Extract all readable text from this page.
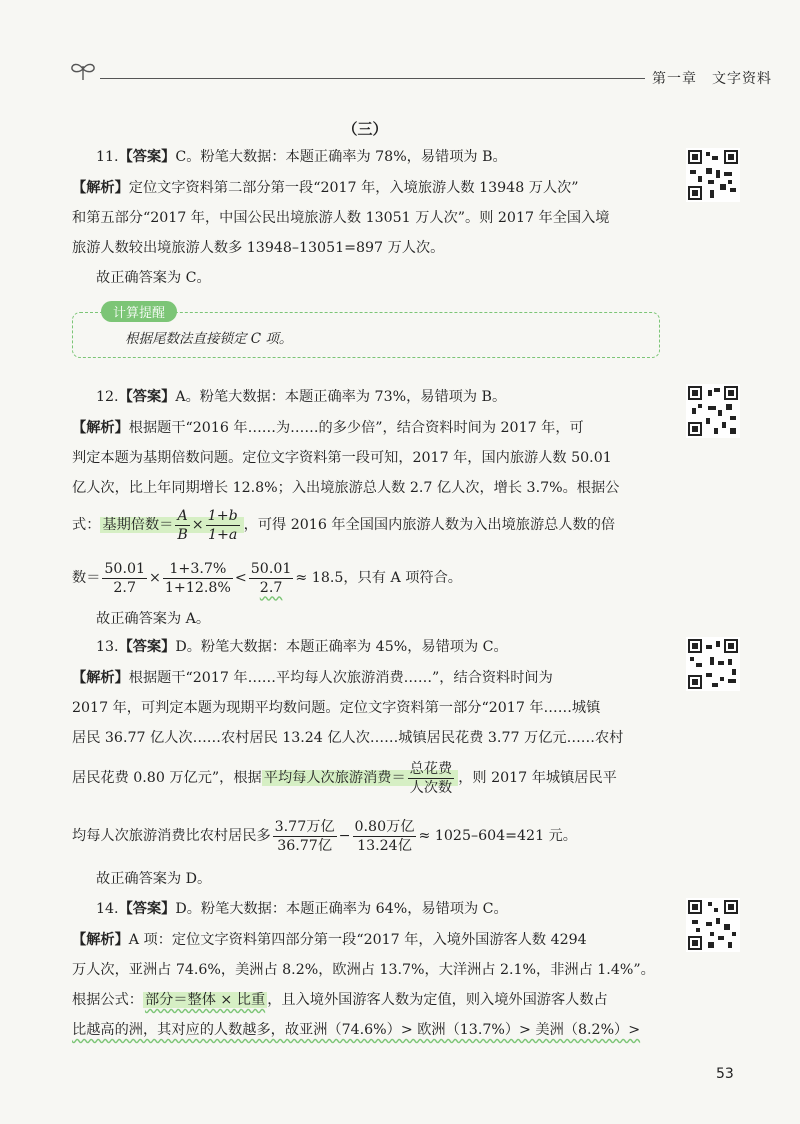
第一章　文字资料
（三）
11.【答案】C。粉笔大数据：本题正确率为 78%，易错项为 B。
【解析】定位文字资料第二部分第一段“2017 年，入境旅游人数 13948 万人次”
和第五部分“2017 年，中国公民出境旅游人数 13051 万人次”。则 2017 年全国入境
旅游人数较出境旅游人数多 13948–13051=897 万人次。
故正确答案为 C。
计算提醒
根据尾数法直接锁定 C 项。
12.【答案】A。粉笔大数据：本题正确率为 73%，易错项为 B。
【解析】根据题干“2016 年……为……的多少倍”，结合资料时间为 2017 年，可
判定本题为基期倍数问题。定位文字资料第一段可知，2017 年，国内旅游人数 50.01
亿人次，比上年同期增长 12.8%；入出境旅游总人数 2.7 亿人次，增长 3.7%。根据公
式： 基期倍数＝ $\frac{A}{B} \times \frac{1+b}{1+a}$ ，可得 2016 年全国国内旅游人数为入出境旅游总人数的倍
数＝ $\frac{50.01}{2.7} \times \frac{1+3.7\%}{1+12.8\%} < \frac{50.01}{2.7} \approx 18.5$，只有 A 项符合。
故正确答案为 A。
13.【答案】D。粉笔大数据：本题正确率为 45%，易错项为 C。
【解析】根据题干“2017 年……平均每人次旅游消费……”，结合资料时间为
2017 年，可判定本题为现期平均数问题。定位文字资料第一部分“2017 年……城镇
居民 36.77 亿人次……农村居民 13.24 亿人次……城镇居民花费 3.77 万亿元……农村
居民花费 0.80 万亿元”，根据 平均每人次旅游消费＝ $\frac{\text{总花费}}{\text{人次数}}$ ，则 2017 年城镇居民平
均每人次旅游消费比农村居民多 $\frac{\text{3.77万亿}}{\text{36.77亿}} - \frac{\text{0.80万亿}}{\text{13.24亿}} \approx 1025-604=421$ 元。
故正确答案为 D。
14.【答案】D。粉笔大数据：本题正确率为 64%，易错项为 C。
【解析】A 项：定位文字资料第四部分第一段“2017 年，入境外国游客人数 4294
万人次，亚洲占 74.6%，美洲占 8.2%，欧洲占 13.7%，大洋洲占 2.1%，非洲占 1.4%”。
根据公式： 部分＝整体 × 比重 ，且入境外国游客人数为定值，则入境外国游客人数占
比越高的洲，其对应的人数越多，故亚洲（74.6%）> 欧洲（13.7%）> 美洲（8.2%）>
53
